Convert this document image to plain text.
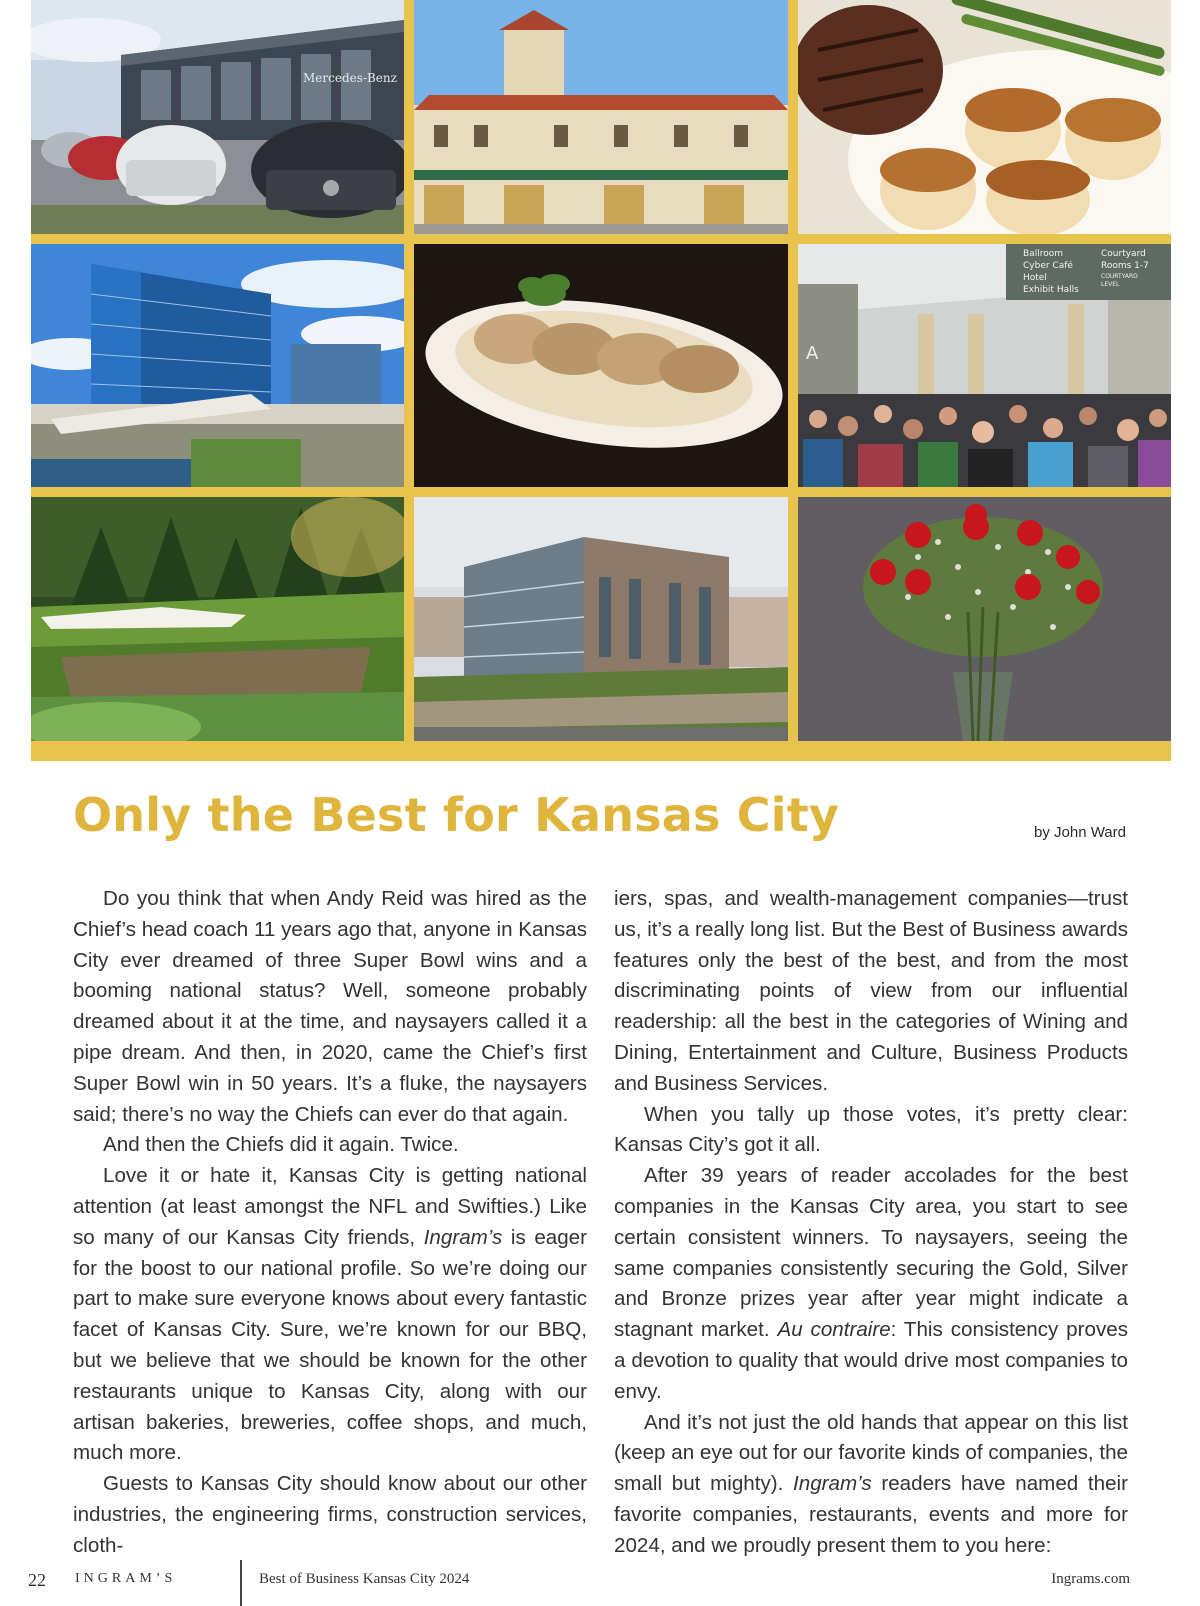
Mercedes-Benz
Ballroom
Cyber Café
Hotel
Exhibit Halls
Courtyard
Rooms 1-7
COURTYARD
LEVEL
A
Only the Best for Kansas City	by John Ward

Do you think that when Andy Reid was hired as the Chief’s head coach 11 years ago that, anyone in Kansas City ever dreamed of three Super Bowl wins and a booming national status? Well, someone probably dreamed about it at the time, and naysayers called it a pipe dream. And then, in 2020, came the Chief’s first Super Bowl win in 50 years. It’s a fluke, the naysayers said; there’s no way the Chiefs can ever do that again.

And then the Chiefs did it again. Twice.

Love it or hate it, Kansas City is getting national attention (at least amongst the NFL and Swifties.) Like so many of our Kansas City friends, Ingram’s is eager for the boost to our national profile. So we’re doing our part to make sure everyone knows about every fantastic facet of Kansas City. Sure, we’re known for our BBQ, but we believe that we should be known for the other restaurants unique to Kansas City, along with our artisan bakeries, breweries, coffee shops, and much, much more.

Guests to Kansas City should know about our other industries, the engineering firms, construction services, cloth-

iers, spas, and wealth-management companies—trust us, it’s a really long list. But the Best of Business awards features only the best of the best, and from the most discriminating points of view from our influential readership: all the best in the categories of Wining and Dining, Entertainment and Culture, Business Products and Business Services.

When you tally up those votes, it’s pretty clear: Kansas City’s got it all.

After 39 years of reader accolades for the best companies in the Kansas City area, you start to see certain consistent winners. To naysayers, seeing the same companies consistently securing the Gold, Silver and Bronze prizes year after year might indicate a stagnant market. Au contraire: This consistency proves a devotion to quality that would drive most companies to envy.

And it’s not just the old hands that appear on this list (keep an eye out for our favorite kinds of companies, the small but mighty). Ingram’s readers have named their favorite companies, restaurants, events and more for 2024, and we proudly present them to you here:

22 INGRAM’S	Best of Business Kansas City 2024	Ingrams.com
